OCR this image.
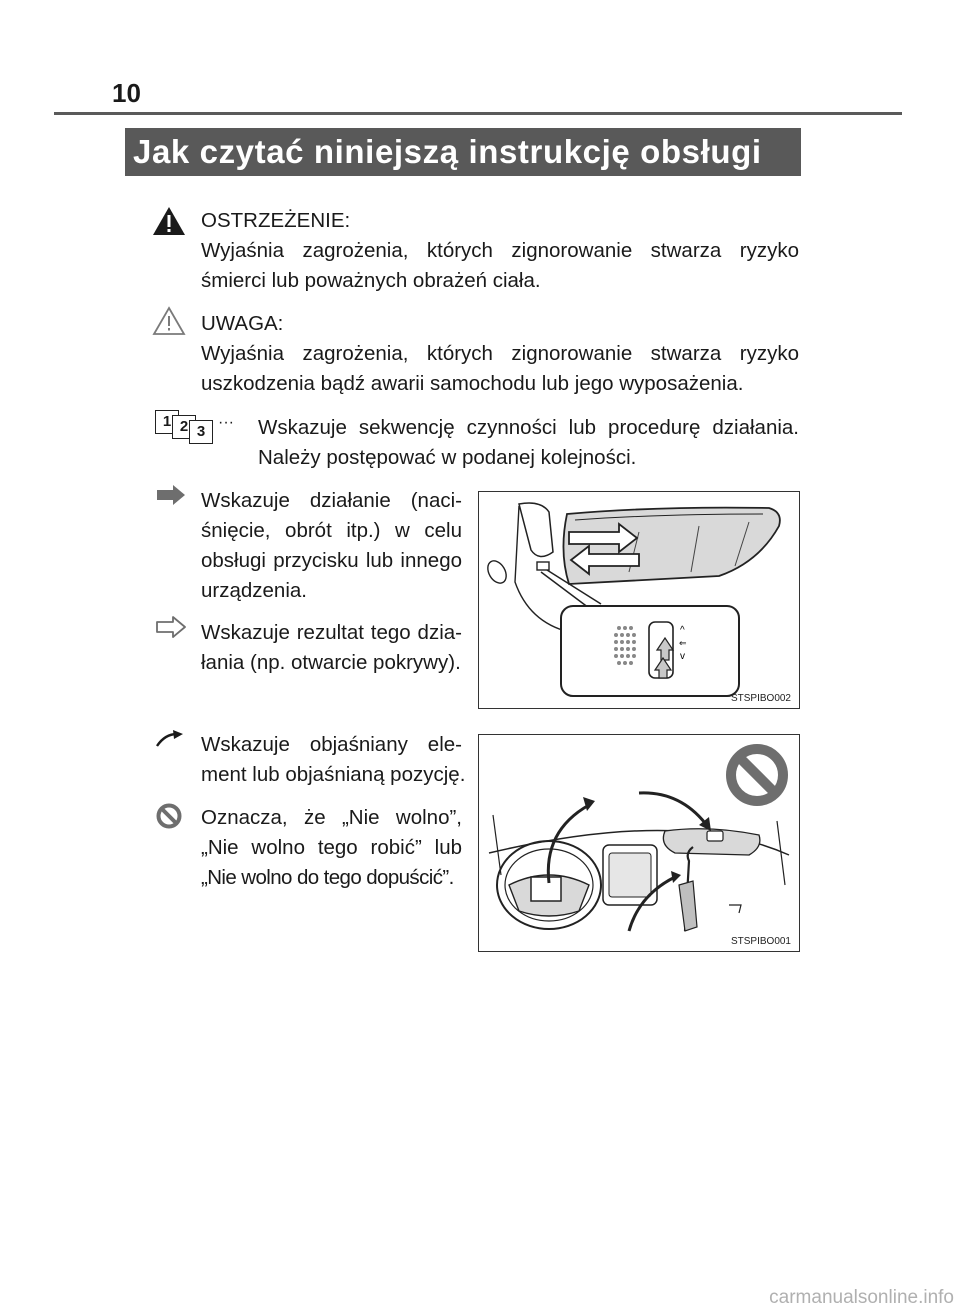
10
Jak czytać niniejszą instrukcję obsługi
OSTRZEŻENIE:
Wyjaśnia zagrożenia, których zignorowanie stwarza ryzyko śmierci lub poważnych obrażeń ciała.
UWAGA:
Wyjaśnia zagrożenia, których zignorowanie stwarza ryzyko uszkodzenia bądź awarii samochodu lub jego wyposażenia.
1 2 3
··· Wskazuje sekwencję czynności lub procedurę działania. Należy postępować w podanej kolejności.
Wskazuje działanie (naci-
śnięcie, obrót itp.) w celu
obsługi przycisku lub innego
urządzenia.
Wskazuje rezultat tego dzia-
łania (np. otwarcie pokrywy).
^
⇐
v
STSPIBO002
Wskazuje objaśniany ele-
ment lub objaśnianą pozycję.
Oznacza, że „Nie wolno”,
„Nie wolno tego robić” lub
„Nie wolno do tego dopuścić”.
STSPIBO001
carmanualsonline.info
